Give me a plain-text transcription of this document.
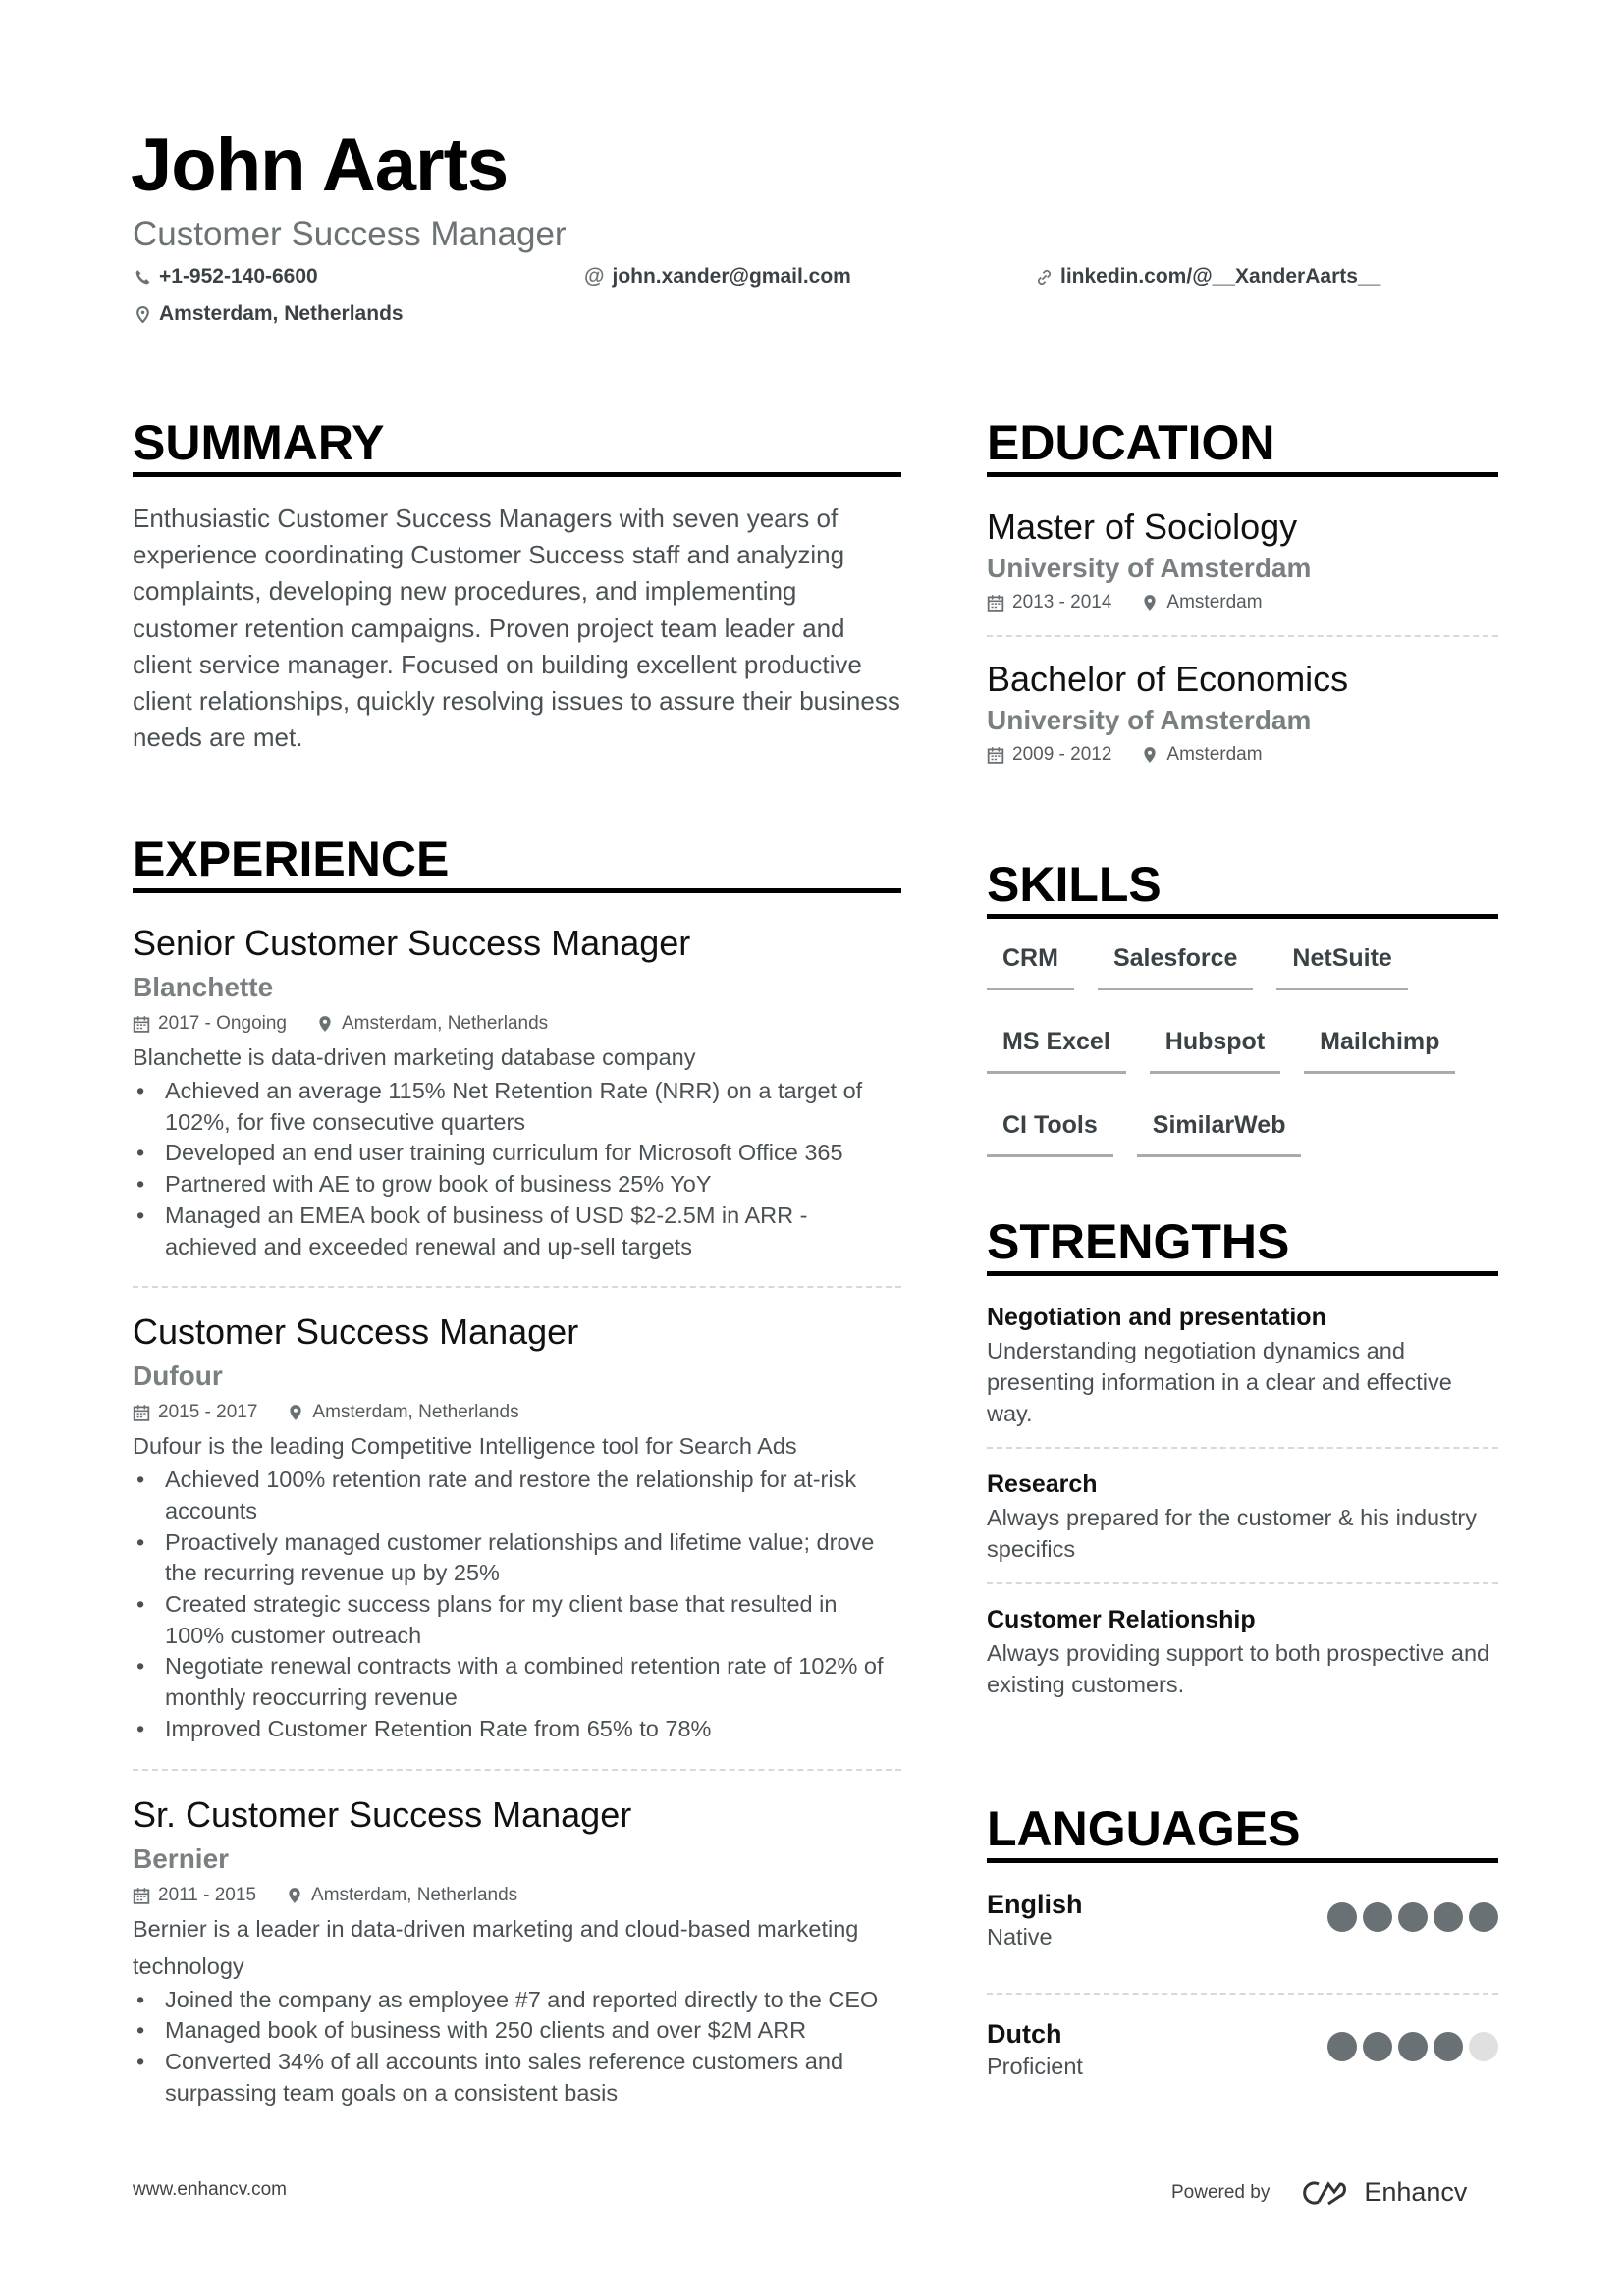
John Aarts
Customer Success Manager
+1-952-140-6600	@ john.xander@gmail.com	linkedin.com/@__XanderAarts__
Amsterdam, Netherlands
SUMMARY
Enthusiastic Customer Success Managers with seven years of experience coordinating Customer Success staff and analyzing complaints, developing new procedures, and implementing customer retention campaigns. Proven project team leader and client service manager. Focused on building excellent productive client relationships, quickly resolving issues to assure their business needs are met.
EXPERIENCE
Senior Customer Success Manager
Blanchette
2017 - Ongoing	Amsterdam, Netherlands
Blanchette is data-driven marketing database company
• Achieved an average 115% Net Retention Rate (NRR) on a target of 102%, for five consecutive quarters
• Developed an end user training curriculum for Microsoft Office 365
• Partnered with AE to grow book of business 25% YoY
• Managed an EMEA book of business of USD $2-2.5M in ARR - achieved and exceeded renewal and up-sell targets
Customer Success Manager
Dufour
2015 - 2017	Amsterdam, Netherlands
Dufour is the leading Competitive Intelligence tool for Search Ads
• Achieved 100% retention rate and restore the relationship for at-risk accounts
• Proactively managed customer relationships and lifetime value; drove the recurring revenue up by 25%
• Created strategic success plans for my client base that resulted in 100% customer outreach
• Negotiate renewal contracts with a combined retention rate of 102% of monthly reoccurring revenue
• Improved Customer Retention Rate from 65% to 78%
Sr. Customer Success Manager
Bernier
2011 - 2015	Amsterdam, Netherlands
Bernier is a leader in data-driven marketing and cloud-based marketing technology
• Joined the company as employee #7 and reported directly to the CEO
• Managed book of business with 250 clients and over $2M ARR
• Converted 34% of all accounts into sales reference customers and surpassing team goals on a consistent basis
EDUCATION
Master of Sociology
University of Amsterdam
2013 - 2014	Amsterdam
Bachelor of Economics
University of Amsterdam
2009 - 2012	Amsterdam
SKILLS
CRM	Salesforce	NetSuite
MS Excel	Hubspot	Mailchimp
CI Tools	SimilarWeb
STRENGTHS
Negotiation and presentation
Understanding negotiation dynamics and presenting information in a clear and effective way.
Research
Always prepared for the customer & his industry specifics
Customer Relationship
Always providing support to both prospective and existing customers.
LANGUAGES
English
Native
Dutch
Proficient
www.enhancv.com	Powered by	Enhancv
